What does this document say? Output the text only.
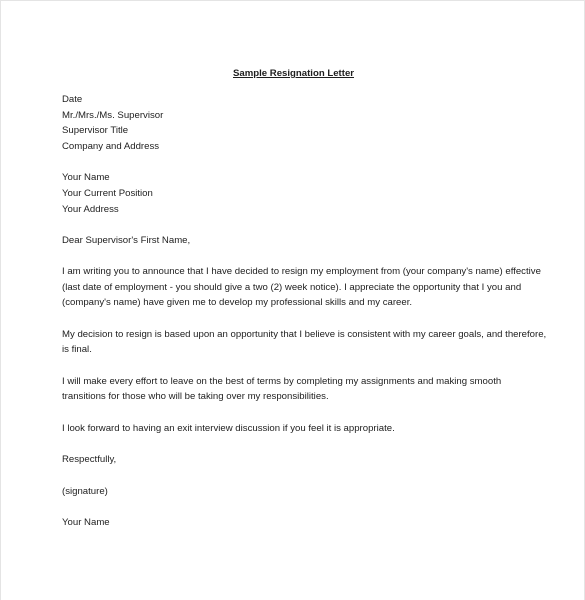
Sample Resignation Letter
Date
Mr./Mrs./Ms. Supervisor
Supervisor Title
Company and Address
Your Name
Your Current Position
Your Address
Dear Supervisor's First Name,
I am writing you to announce that I have decided to resign my employment from (your company's name) effective
(last date of employment - you should give a two (2) week notice). I appreciate the opportunity that I you and
(company's name) have given me to develop my professional skills and my career.
My decision to resign is based upon an opportunity that I believe is consistent with my career goals, and therefore,
is final.
I will make every effort to leave on the best of terms by completing my assignments and making smooth
transitions for those who will be taking over my responsibilities.
I look forward to having an exit interview discussion if you feel it is appropriate.
Respectfully,
(signature)
Your Name
